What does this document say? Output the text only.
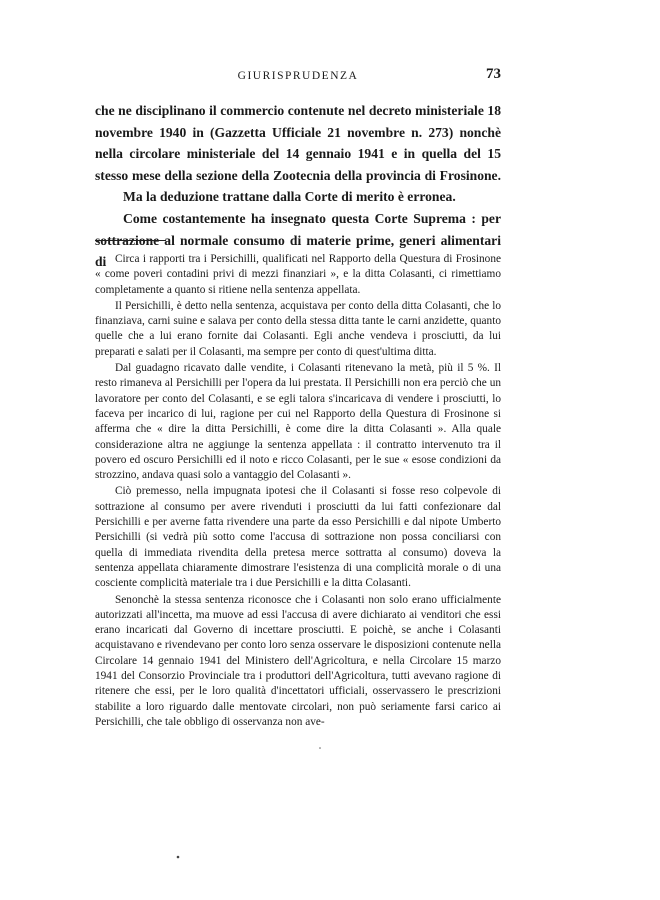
GIURISPRUDENZA	73

che ne disciplinano il commercio contenute nel decreto ministeriale 18 novembre 1940 in (Gazzetta Ufficiale 21 novembre n. 273) nonchè nella circolare ministeriale del 14 gennaio 1941 e in quella del 15 stesso mese della sezione della Zootecnia della provincia di Frosinone.

Ma la deduzione trattane dalla Corte di merito è erronea.

Come costantemente ha insegnato questa Corte Suprema : per sottrazione al normale consumo di materie prime, generi alimentari di Circa i rapporti tra i Persichilli, qualificati nel Rapporto della Questura di Frosinone « come poveri contadini privi di mezzi finanziari », e la ditta Colasanti, ci rimettiamo completamente a quanto si ritiene nella sentenza appellata.

Il Persichilli, è detto nella sentenza, acquistava per conto della ditta Colasanti, che lo finanziava, carni suine e salava per conto della stessa ditta tante le carni anzidette, quanto quelle che a lui erano fornite dai Colasanti. Egli anche vendeva i prosciutti, da lui preparati e salati per il Colasanti, ma sempre per conto di quest'ultima ditta.

Dal guadagno ricavato dalle vendite, i Colasanti ritenevano la metà, più il 5 %. Il resto rimaneva al Persichilli per l'opera da lui prestata. Il Persichilli non era perciò che un lavoratore per conto del Colasanti, e se egli talora s'incaricava di vendere i prosciutti, lo faceva per incarico di lui, ragione per cui nel Rapporto della Questura di Frosinone si afferma che « dire la ditta Persichilli, è come dire la ditta Colasanti ». Alla quale considerazione altra ne aggiunge la sentenza appellata : il contratto intervenuto tra il povero ed oscuro Persichilli ed il noto e ricco Colasanti, per le sue « esose condizioni da strozzino, andava quasi solo a vantaggio del Colasanti ».

Ciò premesso, nella impugnata ipotesi che il Colasanti si fosse reso colpevole di sottrazione al consumo per avere rivenduti i prosciutti da lui fatti confezionare dal Persichilli e per averne fatta rivendere una parte da esso Persichilli e dal nipote Umberto Persichilli (si vedrà più sotto come l'accusa di sottrazione non possa conciliarsi con quella di immediata rivendita della pretesa merce sottratta al consumo) doveva la sentenza appellata chiaramente dimostrare l'esistenza di una complicità morale o di una cosciente complicità materiale tra i due Persichilli e la ditta Colasanti.

Senonchè la stessa sentenza riconosce che i Colasanti non solo erano ufficialmente autorizzati all'incetta, ma muove ad essi l'accusa di avere dichiarato ai venditori che essi erano incaricati dal Governo di incettare prosciutti. E poichè, se anche i Colasanti acquistavano e rivendevano per conto loro senza osservare le disposizioni contenute nella Circolare 14 gennaio 1941 del Ministero dell'Agricoltura, e nella Circolare 15 marzo 1941 del Consorzio Provinciale tra i produttori dell'Agricoltura, tutti avevano ragione di ritenere che essi, per le loro qualità d'incettatori ufficiali, osservassero le prescrizioni stabilite a loro riguardo dalle mentovate circolari, non può seriamente farsi carico ai Persichilli, che tale obbligo di osservanza non ave-
